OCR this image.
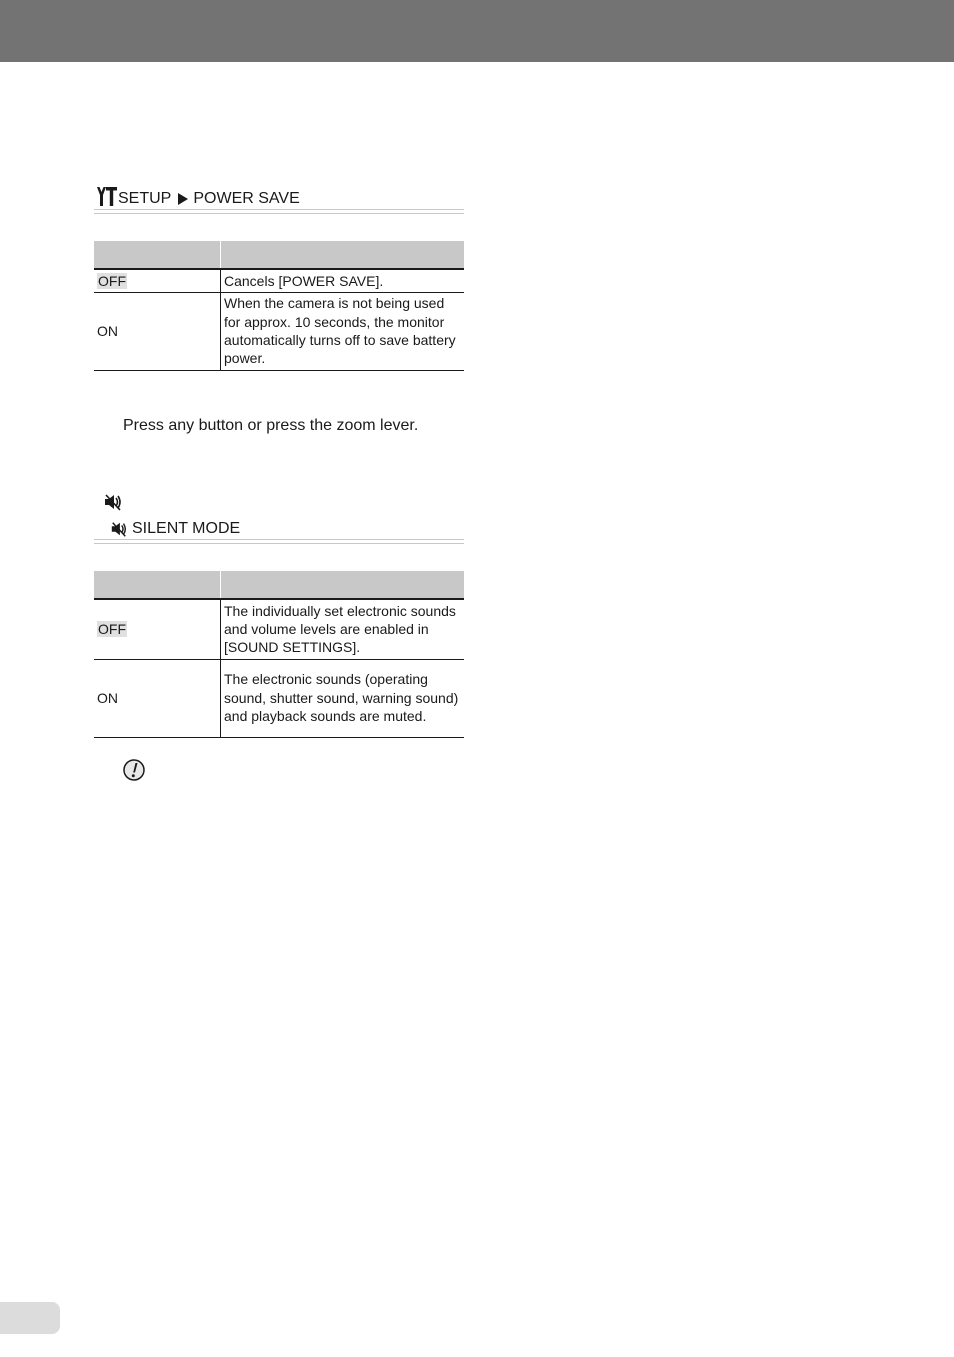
SETUP POWER SAVE

OFF	Cancels [POWER SAVE].
ON	When the camera is not being used for approx. 10 seconds, the monitor automatically turns off to save battery power.
Press any button or press the zoom lever.
SILENT MODE

OFF	The individually set electronic sounds and volume levels are enabled in [SOUND SETTINGS].
ON	The electronic sounds (operating sound, shutter sound, warning sound) and playback sounds are muted.
